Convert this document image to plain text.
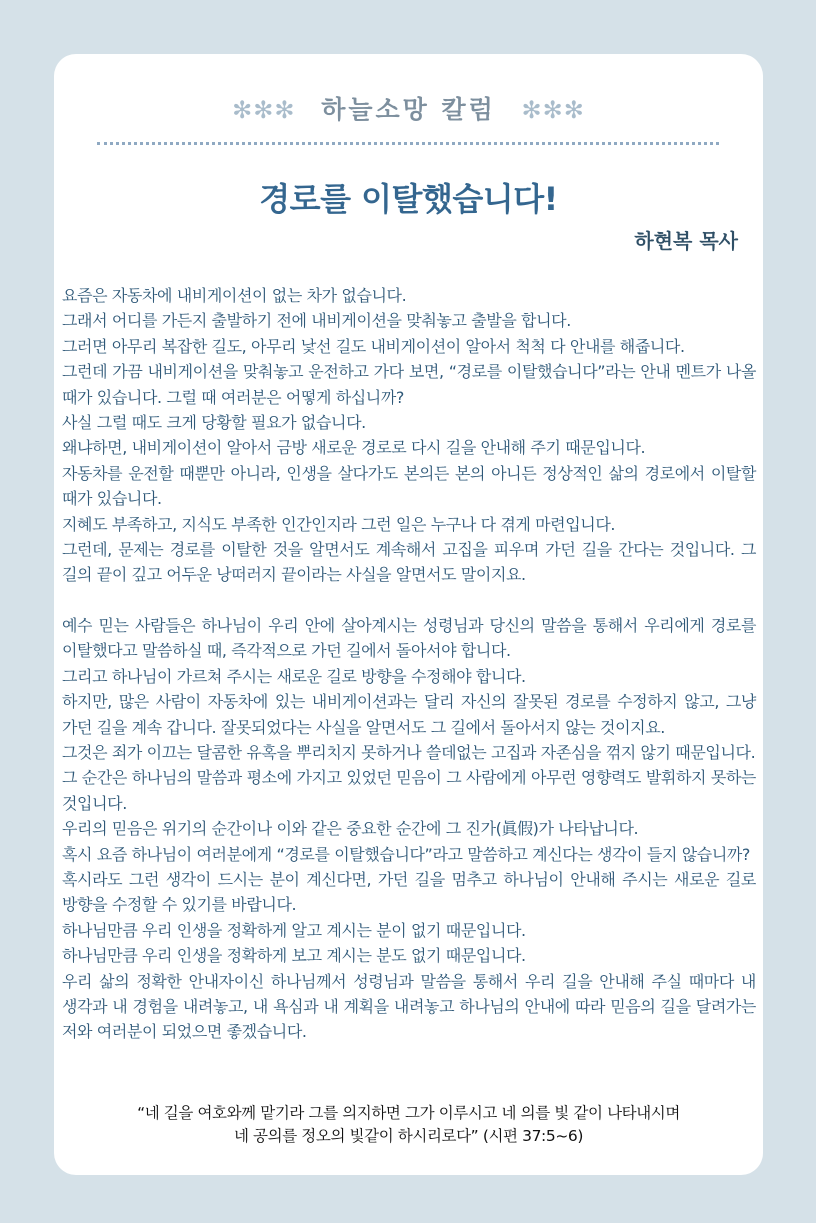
✻✻✻ 하늘소망 칼럼 ✻✻✻
경로를 이탈했습니다!
하현복 목사

요즘은 자동차에 내비게이션이 없는 차가 없습니다.

그래서 어디를 가든지 출발하기 전에 내비게이션을 맞춰놓고 출발을 합니다.

그러면 아무리 복잡한 길도, 아무리 낯선 길도 내비게이션이 알아서 척척 다 안내를 해줍니다.

그런데 가끔 내비게이션을 맞춰놓고 운전하고 가다 보면, “경로를 이탈했습니다”라는 안내 멘트가 나올 때가 있습니다. 그럴 때 여러분은 어떻게 하십니까?

사실 그럴 때도 크게 당황할 필요가 없습니다.

왜냐하면, 내비게이션이 알아서 금방 새로운 경로로 다시 길을 안내해 주기 때문입니다.

자동차를 운전할 때뿐만 아니라, 인생을 살다가도 본의든 본의 아니든 정상적인 삶의 경로에서 이탈할 때가 있습니다.

지혜도 부족하고, 지식도 부족한 인간인지라 그런 일은 누구나 다 겪게 마련입니다.

그런데, 문제는 경로를 이탈한 것을 알면서도 계속해서 고집을 피우며 가던 길을 간다는 것입니다. 그 길의 끝이 깊고 어두운 낭떠러지 끝이라는 사실을 알면서도 말이지요.

예수 믿는 사람들은 하나님이 우리 안에 살아계시는 성령님과 당신의 말씀을 통해서 우리에게 경로를 이탈했다고 말씀하실 때, 즉각적으로 가던 길에서 돌아서야 합니다.

그리고 하나님이 가르쳐 주시는 새로운 길로 방향을 수정해야 합니다.

하지만, 많은 사람이 자동차에 있는 내비게이션과는 달리 자신의 잘못된 경로를 수정하지 않고, 그냥 가던 길을 계속 갑니다. 잘못되었다는 사실을 알면서도 그 길에서 돌아서지 않는 것이지요.

그것은 죄가 이끄는 달콤한 유혹을 뿌리치지 못하거나 쓸데없는 고집과 자존심을 꺾지 않기 때문입니다.

그 순간은 하나님의 말씀과 평소에 가지고 있었던 믿음이 그 사람에게 아무런 영향력도 발휘하지 못하는 것입니다.

우리의 믿음은 위기의 순간이나 이와 같은 중요한 순간에 그 진가(眞假)가 나타납니다.

혹시 요즘 하나님이 여러분에게 “경로를 이탈했습니다”라고 말씀하고 계신다는 생각이 들지 않습니까?

혹시라도 그런 생각이 드시는 분이 계신다면, 가던 길을 멈추고 하나님이 안내해 주시는 새로운 길로 방향을 수정할 수 있기를 바랍니다.

하나님만큼 우리 인생을 정확하게 알고 계시는 분이 없기 때문입니다.

하나님만큼 우리 인생을 정확하게 보고 계시는 분도 없기 때문입니다.

우리 삶의 정확한 안내자이신 하나님께서 성령님과 말씀을 통해서 우리 길을 안내해 주실 때마다 내 생각과 내 경험을 내려놓고, 내 욕심과 내 계획을 내려놓고 하나님의 안내에 따라 믿음의 길을 달려가는 저와 여러분이 되었으면 좋겠습니다.

“네 길을 여호와께 맡기라 그를 의지하면 그가 이루시고 네 의를 빛 같이 나타내시며

네 공의를 정오의 빛같이 하시리로다” (시편 37:5~6)
